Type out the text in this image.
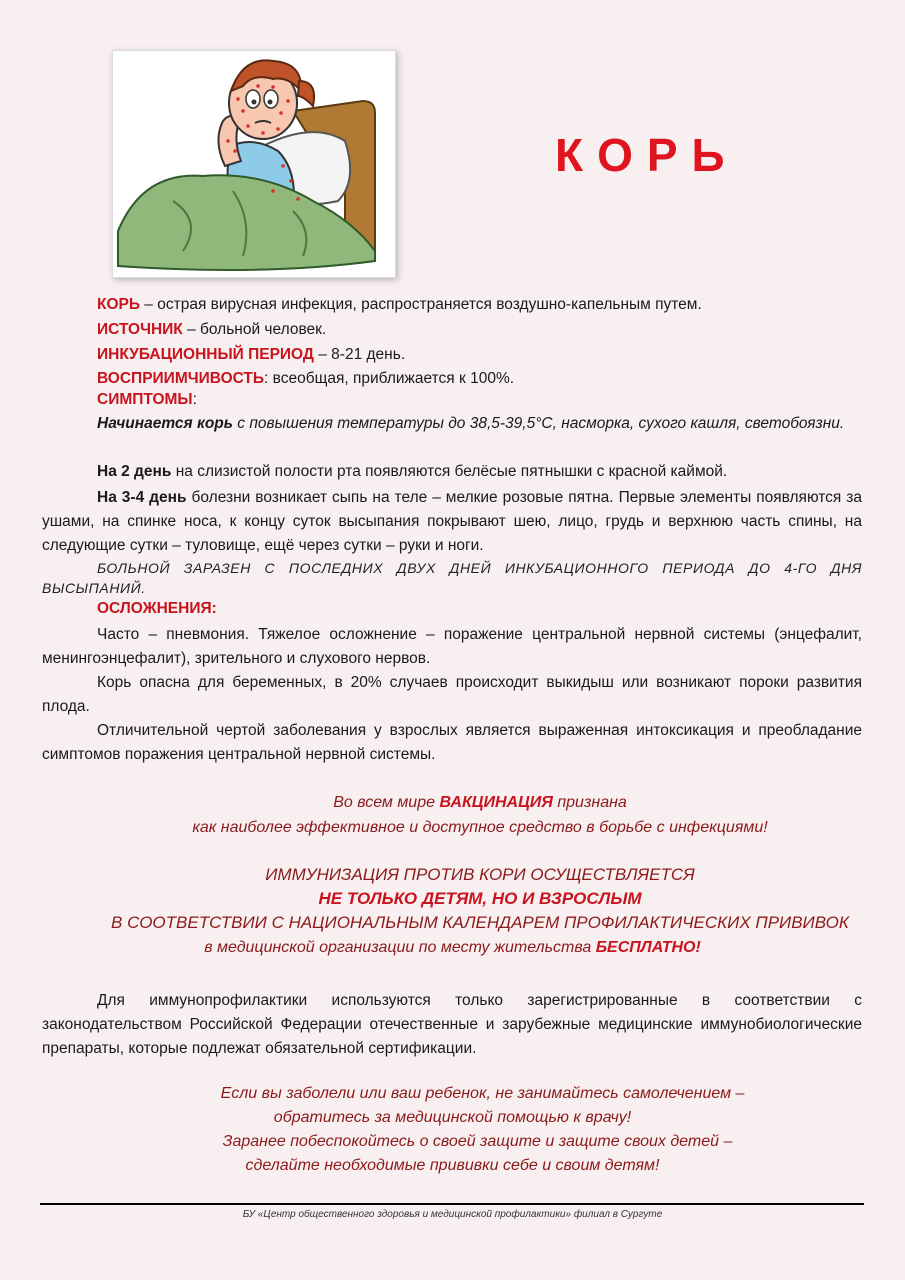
КОРЬ
КОРЬ – острая вирусная инфекция, распространяется воздушно-капельным путем.
ИСТОЧНИК – больной человек.
ИНКУБАЦИОННЫЙ ПЕРИОД – 8-21 день.
ВОСПРИИМЧИВОСТЬ: всеобщая, приближается к 100%.
СИМПТОМЫ:
Начинается корь с повышения температуры до 38,5-39,5°С, насморка, сухого кашля, светобоязни.
На 2 день на слизистой полости рта появляются белёсые пятнышки с красной каймой.
На 3-4 день болезни возникает сыпь на теле – мелкие розовые пятна. Первые элементы появляются за ушами, на спинке носа, к концу суток высыпания покрывают шею, лицо, грудь и верхнюю часть спины, на следующие сутки – туловище, ещё через сутки – руки и ноги.
БОЛЬНОЙ ЗАРАЗЕН С ПОСЛЕДНИХ ДВУХ ДНЕЙ ИНКУБАЦИОННОГО ПЕРИОДА ДО 4-ГО ДНЯ ВЫСЫПАНИЙ.
ОСЛОЖНЕНИЯ:
Часто – пневмония. Тяжелое осложнение – поражение центральной нервной системы (энцефалит, менингоэнцефалит), зрительного и слухового нервов.
Корь опасна для беременных, в 20% случаев происходит выкидыш или возникают пороки развития плода.
Отличительной чертой заболевания у взрослых является выраженная интоксикация и преобладание симптомов поражения центральной нервной системы.
Во всем мире ВАКЦИНАЦИЯ признана
как наиболее эффективное и доступное средство в борьбе с инфекциями!
ИММУНИЗАЦИЯ ПРОТИВ КОРИ ОСУЩЕСТВЛЯЕТСЯ
НЕ ТОЛЬКО ДЕТЯМ, НО И ВЗРОСЛЫМ
В СООТВЕТСТВИИ С НАЦИОНАЛЬНЫМ КАЛЕНДАРЕМ ПРОФИЛАКТИЧЕСКИХ ПРИВИВОК
в медицинской организации по месту жительства БЕСПЛАТНО!
Для иммунопрофилактики используются только зарегистрированные в соответствии с законодательством Российской Федерации отечественные и зарубежные медицинские иммунобиологические препараты, которые подлежат обязательной сертификации.
Если вы заболели или ваш ребенок, не занимайтесь самолечением –
обратитесь за медицинской помощью к врачу!
Заранее побеспокойтесь о своей защите и защите своих детей –
сделайте необходимые прививки себе и своим детям!
БУ «Центр общественного здоровья и медицинской профилактики» филиал в Сургуте
